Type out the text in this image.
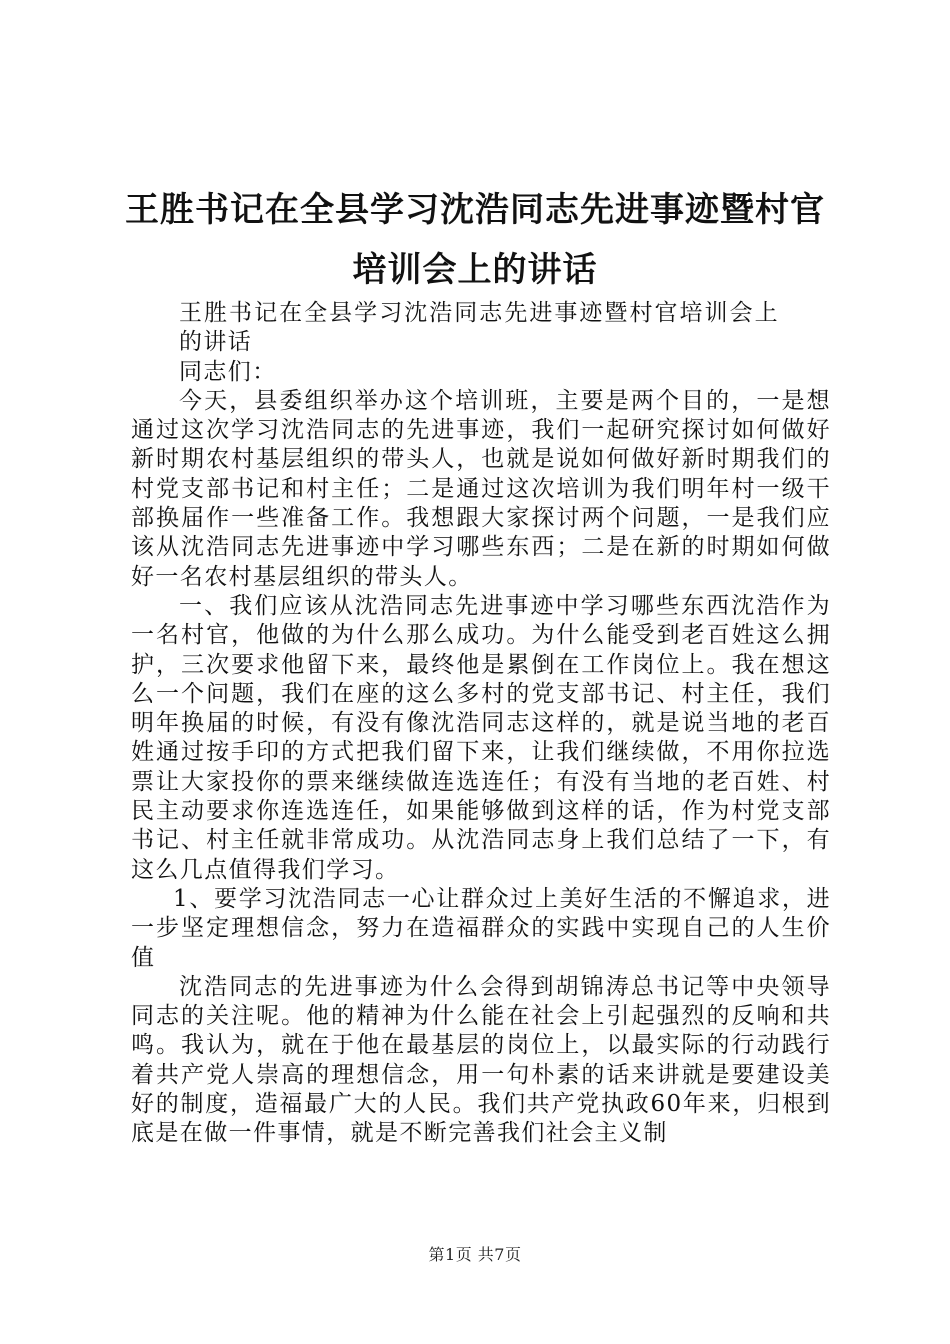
王胜书记在全县学习沈浩同志先进事迹暨村官
培训会上的讲话

王胜书记在全县学习沈浩同志先进事迹暨村官培训会上的讲话

同志们：

今天，县委组织举办这个培训班，主要是两个目的，一是想通过这次学习沈浩同志的先进事迹，我们一起研究探讨如何做好新时期农村基层组织的带头人，也就是说如何做好新时期我们的村党支部书记和村主任；二是通过这次培训为我们明年村一级干部换届作一些准备工作。我想跟大家探讨两个问题，一是我们应该从沈浩同志先进事迹中学习哪些东西；二是在新的时期如何做好一名农村基层组织的带头人。

一、我们应该从沈浩同志先进事迹中学习哪些东西沈浩作为一名村官，他做的为什么那么成功。为什么能受到老百姓这么拥护，三次要求他留下来，最终他是累倒在工作岗位上。我在想这么一个问题，我们在座的这么多村的党支部书记、村主任，我们明年换届的时候，有没有像沈浩同志这样的，就是说当地的老百姓通过按手印的方式把我们留下来，让我们继续做，不用你拉选票让大家投你的票来继续做连选连任；有没有当地的老百姓、村民主动要求你连选连任，如果能够做到这样的话，作为村党支部书记、村主任就非常成功。从沈浩同志身上我们总结了一下，有这么几点值得我们学习。

1、要学习沈浩同志一心让群众过上美好生活的不懈追求，进一步坚定理想信念，努力在造福群众的实践中实现自己的人生价值

沈浩同志的先进事迹为什么会得到胡锦涛总书记等中央领导同志的关注呢。他的精神为什么能在社会上引起强烈的反响和共鸣。我认为，就在于他在最基层的岗位上，以最实际的行动践行着共产党人崇高的理想信念，用一句朴素的话来讲就是要建设美好的制度，造福最广大的人民。我们共产党执政60年来，归根到底是在做一件事情，就是不断完善我们社会主义制

第1页 共7页
